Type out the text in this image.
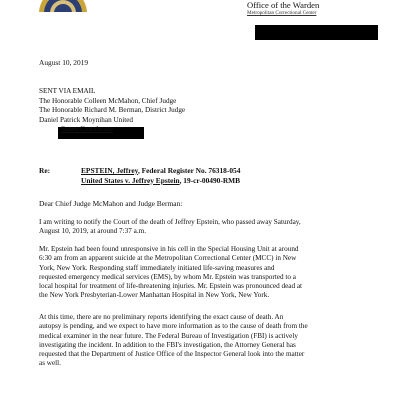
Office of the Warden
Metropolitan Correctional Center
August 10, 2019
SENT VIA EMAIL
The Honorable Colleen McMahon, Chief Judge
The Honorable Richard M. Berman, District Judge
Daniel Patrick Moynihan United
States Courthouse
Re:	EPSTEIN, Jeffrey, Federal Register No. 76318-054
United States v. Jeffrey Epstein, 19-cr-00490-RMB
Dear Chief Judge McMahon and Judge Berman:
I am writing to notify the Court of the death of Jeffrey Epstein, who passed away Saturday,
August 10, 2019, at around 7:37 a.m.
Mr. Epstein had been found unresponsive in his cell in the Special Housing Unit at around
6:30 am from an apparent suicide at the Metropolitan Correctional Center (MCC) in New
York, New York. Responding staff immediately initiated life-saving measures and
requested emergency medical services (EMS), by whom Mr. Epstein was transported to a
local hospital for treatment of life-threatening injuries. Mr. Epstein was pronounced dead at
the New York Presbyterian-Lower Manhattan Hospital in New York, New York.
At this time, there are no preliminary reports identifying the exact cause of death. An
autopsy is pending, and we expect to have more information as to the cause of death from the
medical examiner in the near future. The Federal Bureau of Investigation (FBI) is actively
investigating the incident. In addition to the FBI's investigation, the Attorney General has
requested that the Department of Justice Office of the Inspector General look into the matter
as well.
